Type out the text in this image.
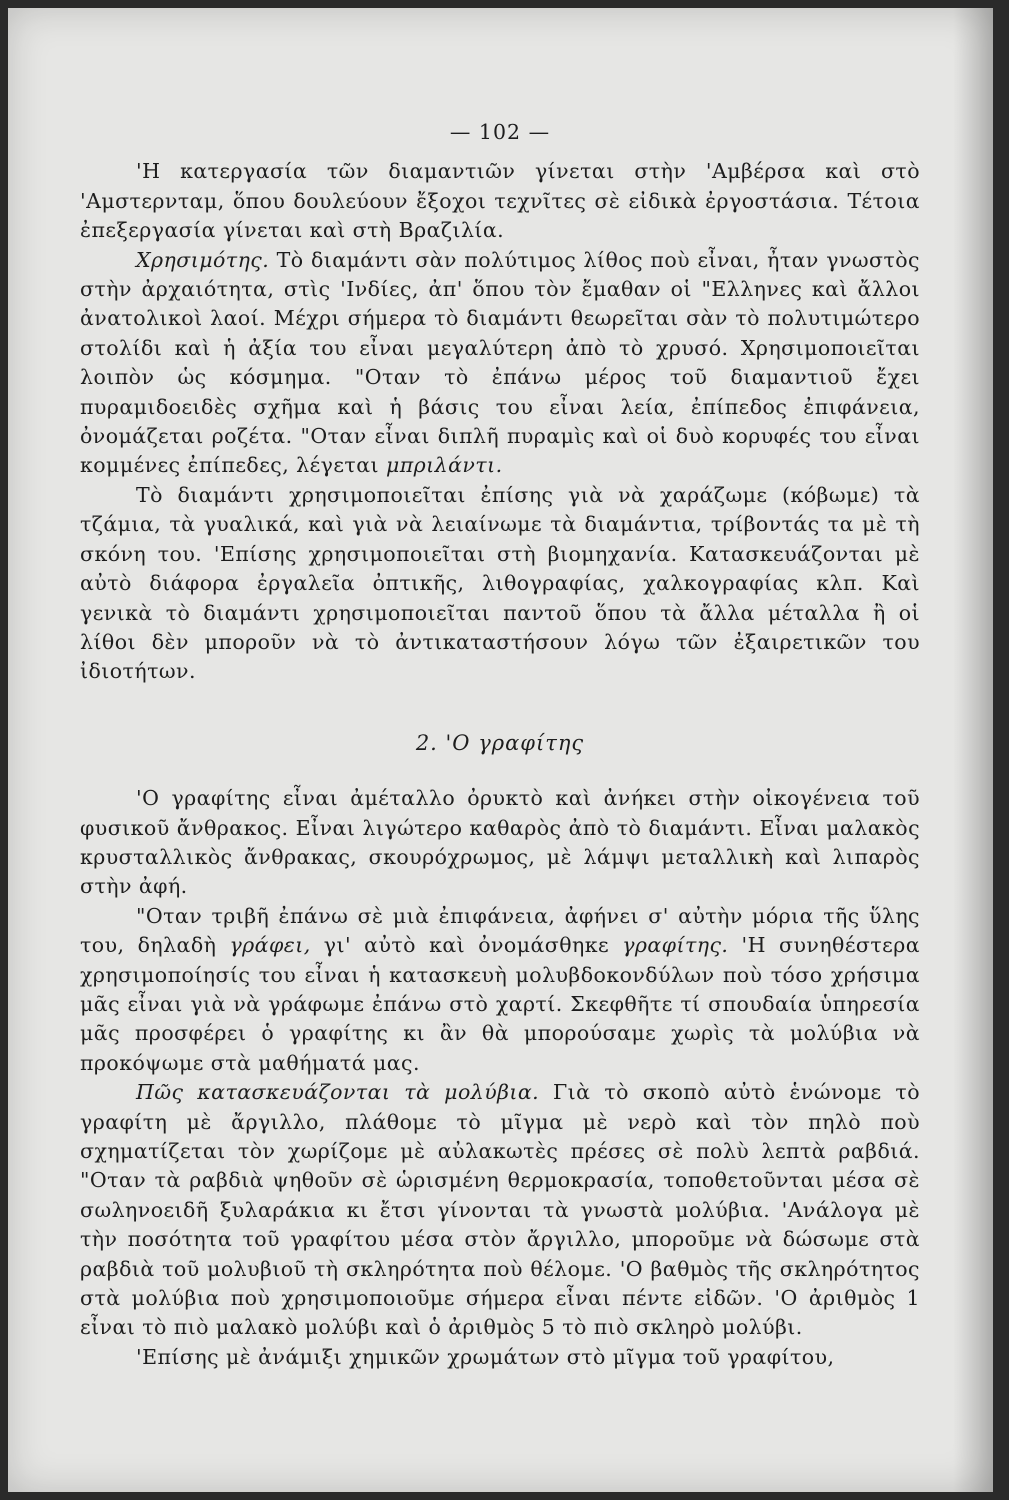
— 102 —

'Η κατεργασία τῶν διαμαντιῶν γίνεται στὴν 'Αμβέρσα καὶ στὸ 'Αμστερνταμ, ὅπου δουλεύουν ἔξοχοι τεχνῖτες σὲ εἰδικὰ ἐργοστάσια. Τέτοια ἐπεξεργασία γίνεται καὶ στὴ Βραζιλία.

Χρησιμότης. Τὸ διαμάντι σὰν πολύτιμος λίθος ποὺ εἶναι, ἦταν γνωστὸς στὴν ἀρχαιότητα, στὶς 'Ινδίες, ἀπ' ὅπου τὸν ἔμαθαν οἱ "Ελληνες καὶ ἄλλοι ἀνατολικοὶ λαοί. Μέχρι σήμερα τὸ διαμάντι θεωρεῖται σὰν τὸ πολυτιμώτερο στολίδι καὶ ἡ ἀξία του εἶναι μεγαλύτερη ἀπὸ τὸ χρυσό. Χρησιμοποιεῖται λοιπὸν ὡς κόσμημα. "Οταν τὸ ἐπάνω μέρος τοῦ διαμαντιοῦ ἔχει πυραμιδοειδὲς σχῆμα καὶ ἡ βάσις του εἶναι λεία, ἐπίπεδος ἐπιφάνεια, ὀνομάζεται ροζέτα. "Οταν εἶναι διπλῆ πυραμὶς καὶ οἱ δυὸ κορυφές του εἶναι κομμένες ἐπίπεδες, λέγεται μπριλάντι.

Τὸ διαμάντι χρησιμοποιεῖται ἐπίσης γιὰ νὰ χαράζωμε (κόβωμε) τὰ τζάμια, τὰ γυαλικά, καὶ γιὰ νὰ λειαίνωμε τὰ διαμάντια, τρίβοντάς τα μὲ τὴ σκόνη του. 'Επίσης χρησιμοποιεῖται στὴ βιομηχανία. Κατασκευάζονται μὲ αὐτὸ διάφορα ἐργαλεῖα ὀπτικῆς, λιθογραφίας, χαλκογραφίας κλπ. Καὶ γενικὰ τὸ διαμάντι χρησιμοποιεῖται παντοῦ ὅπου τὰ ἄλλα μέταλλα ἢ οἱ λίθοι δὲν μποροῦν νὰ τὸ ἀντικαταστήσουν λόγω τῶν ἐξαιρετικῶν του ἰδιοτήτων.

2. 'Ο γραφίτης

'Ο γραφίτης εἶναι ἀμέταλλο ὀρυκτὸ καὶ ἀνήκει στὴν οἰκογένεια τοῦ φυσικοῦ ἄνθρακος. Εἶναι λιγώτερο καθαρὸς ἀπὸ τὸ διαμάντι. Εἶναι μαλακὸς κρυσταλλικὸς ἄνθρακας, σκουρόχρωμος, μὲ λάμψι μεταλλικὴ καὶ λιπαρὸς στὴν ἀφή.

"Οταν τριβῆ ἐπάνω σὲ μιὰ ἐπιφάνεια, ἀφήνει σ' αὐτὴν μόρια τῆς ὕλης του, δηλαδὴ γράφει, γι' αὐτὸ καὶ ὀνομάσθηκε γραφίτης. 'Η συνηθέστερα χρησιμοποίησίς του εἶναι ἡ κατασκευὴ μολυβδοκονδύλων ποὺ τόσο χρήσιμα μᾶς εἶναι γιὰ νὰ γράφωμε ἐπάνω στὸ χαρτί. Σκεφθῆτε τί σπουδαία ὑπηρεσία μᾶς προσφέρει ὁ γραφίτης κι ἂν θὰ μπορούσαμε χωρὶς τὰ μολύβια νὰ προκόψωμε στὰ μαθήματά μας.

Πῶς κατασκευάζονται τὰ μολύβια. Γιὰ τὸ σκοπὸ αὐτὸ ἑνώνομε τὸ γραφίτη μὲ ἄργιλλο, πλάθομε τὸ μῖγμα μὲ νερὸ καὶ τὸν πηλὸ ποὺ σχηματίζεται τὸν χωρίζομε μὲ αὐλακωτὲς πρέσες σὲ πολὺ λεπτὰ ραβδιά. "Οταν τὰ ραβδιὰ ψηθοῦν σὲ ὡρισμένη θερμοκρασία, τοποθετοῦνται μέσα σὲ σωληνοειδῆ ξυλαράκια κι ἔτσι γίνονται τὰ γνωστὰ μολύβια. 'Ανάλογα μὲ τὴν ποσότητα τοῦ γραφίτου μέσα στὸν ἄργιλλο, μποροῦμε νὰ δώσωμε στὰ ραβδιὰ τοῦ μολυβιοῦ τὴ σκληρότητα ποὺ θέλομε. 'Ο βαθμὸς τῆς σκληρότητος στὰ μολύβια ποὺ χρησιμοποιοῦμε σήμερα εἶναι πέντε εἰδῶν. 'Ο ἀριθμὸς 1 εἶναι τὸ πιὸ μαλακὸ μολύβι καὶ ὁ ἀριθμὸς 5 τὸ πιὸ σκληρὸ μολύβι.

'Επίσης μὲ ἀνάμιξι χημικῶν χρωμάτων στὸ μῖγμα τοῦ γραφίτου,
